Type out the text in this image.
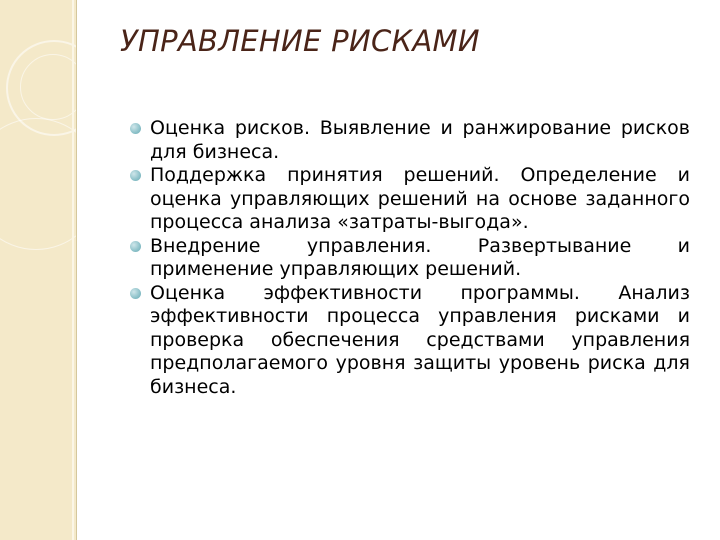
УПРАВЛЕНИЕ РИСКАМИ
Оценка рисков. Выявление и ранжирование рисков для бизнеса.
Поддержка принятия решений. Определение и оценка управляющих решений на основе заданного процесса анализа «затраты-выгода».
Внедрение управления. Развертывание и применение управляющих решений.
Оценка эффективности программы. Анализ эффективности процесса управления рисками и проверка обеспечения средствами управления предполагаемого уровня защиты уровень риска для бизнеса.
